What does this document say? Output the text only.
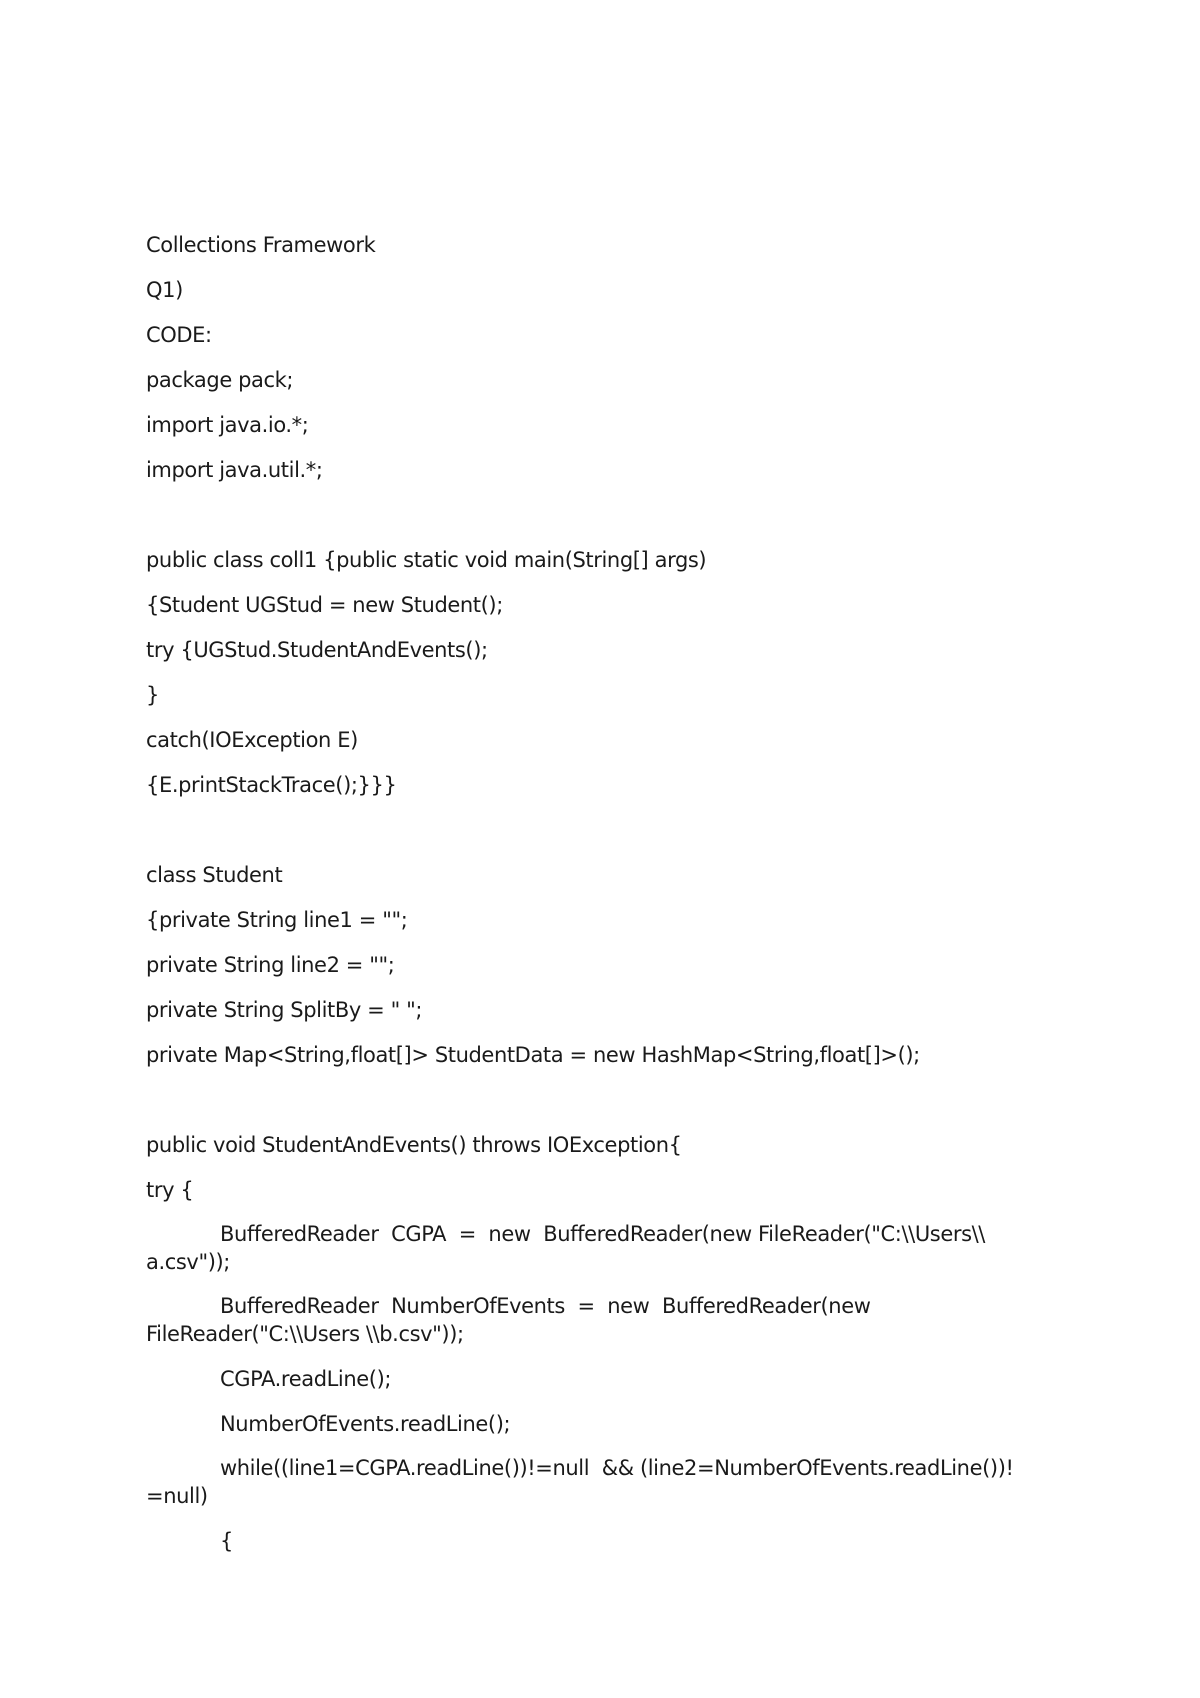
Collections Framework
Q1)
CODE:
package pack;
import java.io.*;
import java.util.*;
public class coll1 {public static void main(String[] args)
{Student UGStud = new Student();
try {UGStud.StudentAndEvents();
}
catch(IOException E)
{E.printStackTrace();}}}
class Student
{private String line1 = "";
private String line2 = "";
private String SplitBy = " ";
private Map<String,float[]> StudentData = new HashMap<String,float[]>();
public void StudentAndEvents() throws IOException{
try {
BufferedReader  CGPA  =  new  BufferedReader(new FileReader("C:\\Users\\
a.csv"));
BufferedReader  NumberOfEvents  =  new  BufferedReader(new
FileReader("C:\\Users \\b.csv"));
CGPA.readLine();
NumberOfEvents.readLine();
while((line1=CGPA.readLine())!=null  && (line2=NumberOfEvents.readLine())!
=null)
{
